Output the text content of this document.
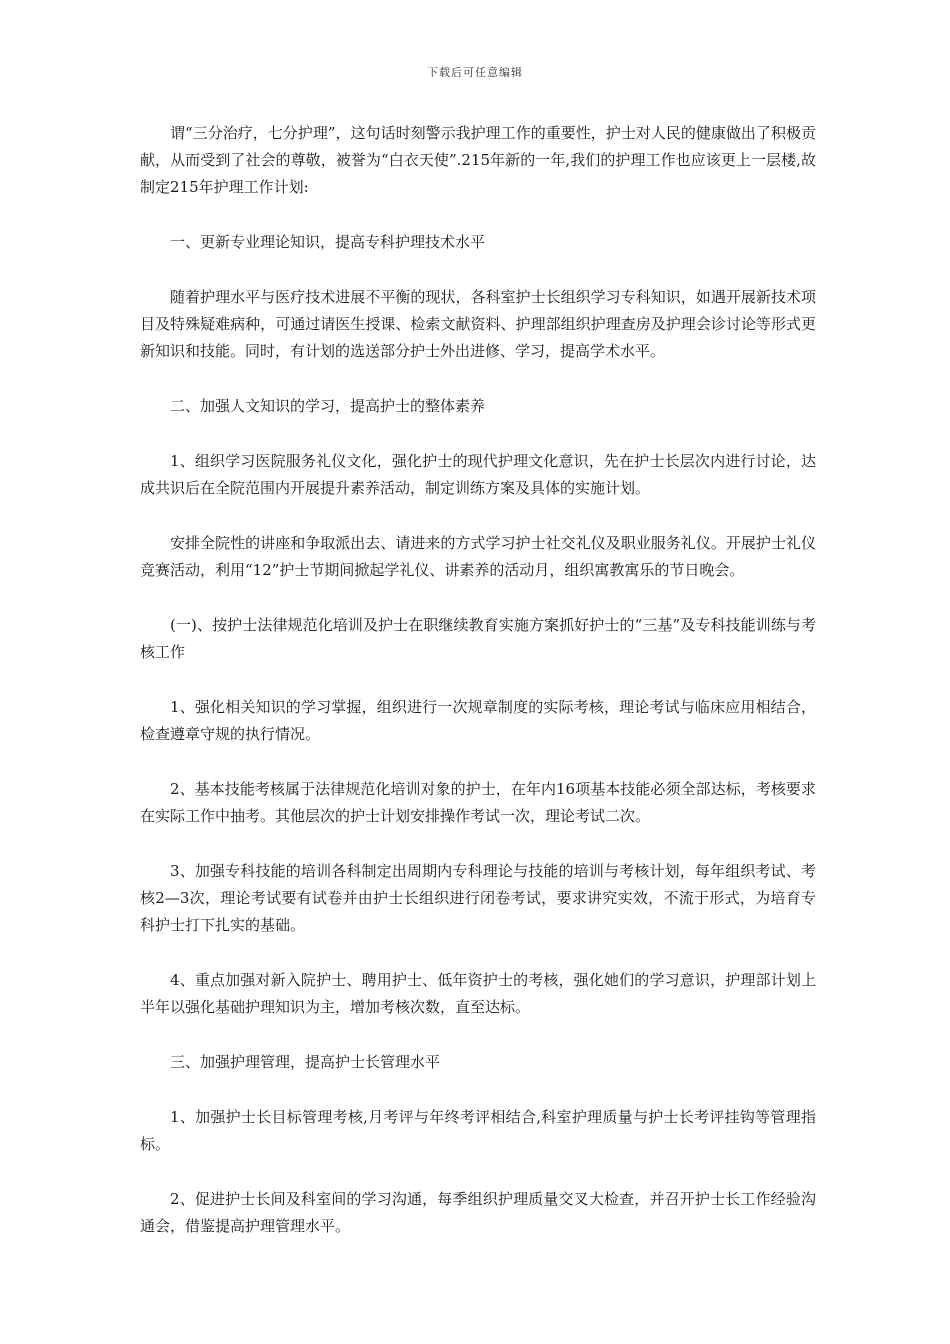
下载后可任意编辑

谓“三分治疗，七分护理”，这句话时刻警示我护理工作的重要性，护士对人民的健康做出了积极贡献，从而受到了社会的尊敬，被誉为“白衣天使”.215年新的一年,我们的护理工作也应该更上一层楼,故制定215年护理工作计划:

一、更新专业理论知识，提高专科护理技术水平

随着护理水平与医疗技术进展不平衡的现状，各科室护士长组织学习专科知识，如遇开展新技术项目及特殊疑难病种，可通过请医生授课、检索文献资料、护理部组织护理查房及护理会诊讨论等形式更新知识和技能。同时，有计划的选送部分护士外出进修、学习，提高学术水平。

二、加强人文知识的学习，提高护士的整体素养

1、组织学习医院服务礼仪文化，强化护士的现代护理文化意识，先在护士长层次内进行讨论，达成共识后在全院范围内开展提升素养活动，制定训练方案及具体的实施计划。

安排全院性的讲座和争取派出去、请进来的方式学习护士社交礼仪及职业服务礼仪。开展护士礼仪竞赛活动，利用“12”护士节期间掀起学礼仪、讲素养的活动月，组织寓教寓乐的节日晚会。

(一)、按护士法律规范化培训及护士在职继续教育实施方案抓好护士的“三基”及专科技能训练与考核工作

1、强化相关知识的学习掌握，组织进行一次规章制度的实际考核，理论考试与临床应用相结合，检查遵章守规的执行情况。

2、基本技能考核属于法律规范化培训对象的护士，在年内16项基本技能必须全部达标，考核要求在实际工作中抽考。其他层次的护士计划安排操作考试一次，理论考试二次。

3、加强专科技能的培训各科制定出周期内专科理论与技能的培训与考核计划，每年组织考试、考核2—3次，理论考试要有试卷并由护士长组织进行闭卷考试，要求讲究实效，不流于形式，为培育专科护士打下扎实的基础。

4、重点加强对新入院护士、聘用护士、低年资护士的考核，强化她们的学习意识，护理部计划上半年以强化基础护理知识为主，增加考核次数，直至达标。

三、加强护理管理，提高护士长管理水平

1、加强护士长目标管理考核,月考评与年终考评相结合,科室护理质量与护士长考评挂钩等管理指标。

2、促进护士长间及科室间的学习沟通，每季组织护理质量交叉大检查，并召开护士长工作经验沟通会，借鉴提高护理管理水平。
